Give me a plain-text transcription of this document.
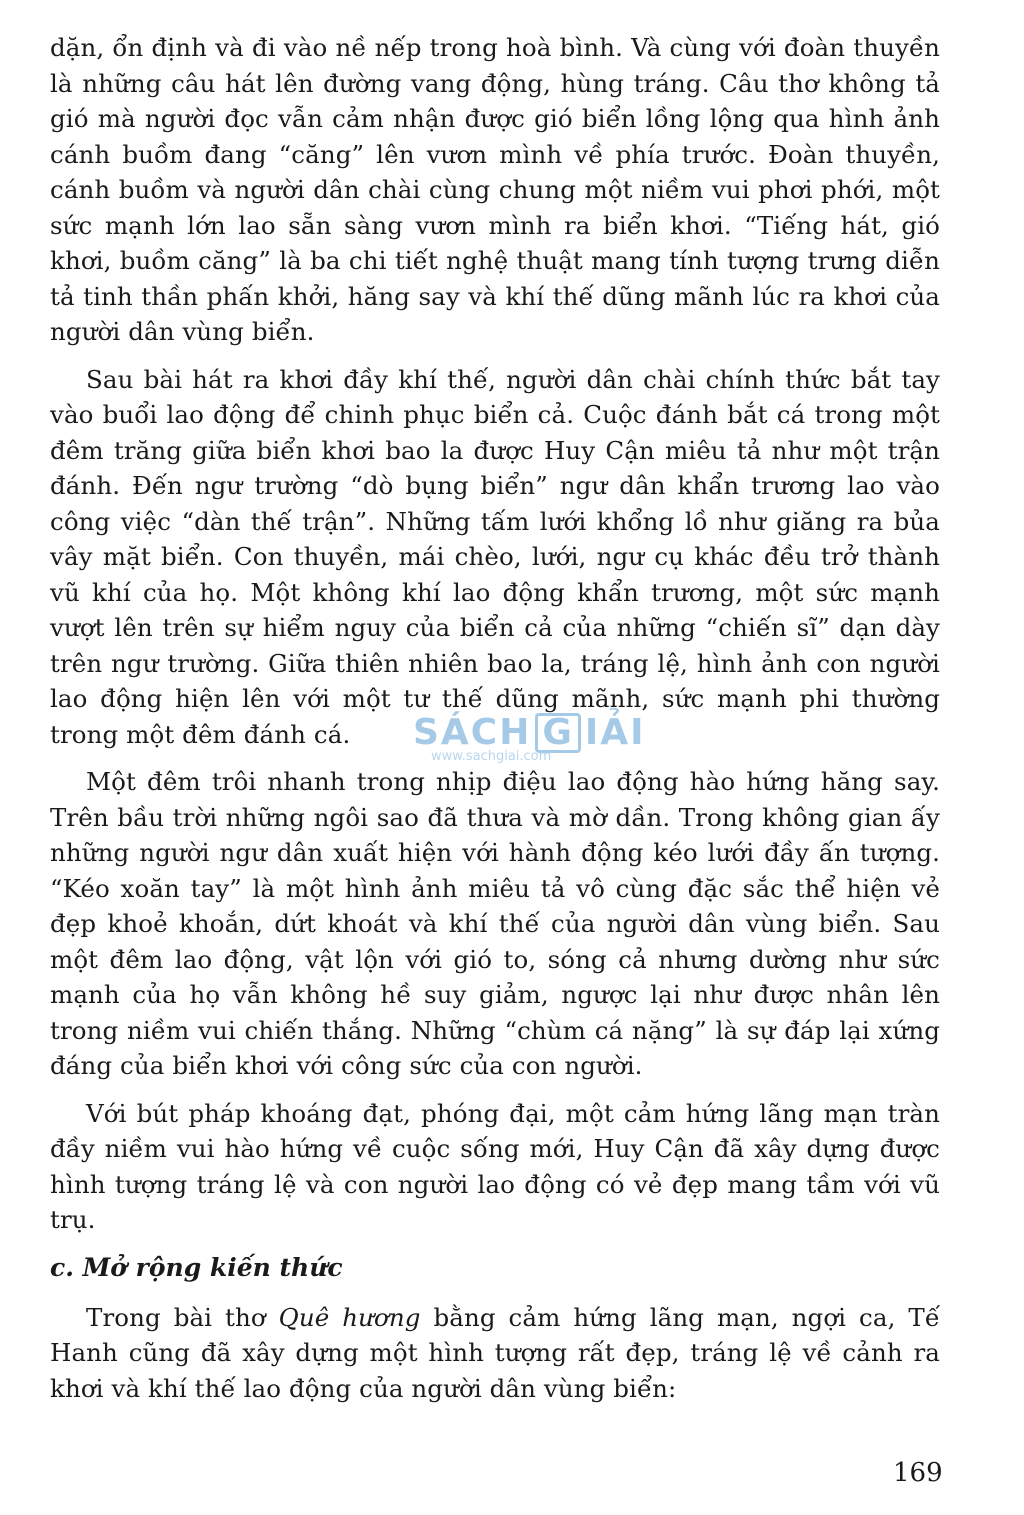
dặn, ổn định và đi vào nề nếp trong hoà bình. Và cùng với đoàn thuyền là những câu hát lên đường vang động, hùng tráng. Câu thơ không tả gió mà người đọc vẫn cảm nhận được gió biển lồng lộng qua hình ảnh cánh buồm đang “căng” lên vươn mình về phía trước. Đoàn thuyền, cánh buồm và người dân chài cùng chung một niềm vui phơi phới, một sức mạnh lớn lao sẵn sàng vươn mình ra biển khơi. “Tiếng hát, gió khơi, buồm căng” là ba chi tiết nghệ thuật mang tính tượng trưng diễn tả tinh thần phấn khởi, hăng say và khí thế dũng mãnh lúc ra khơi của người dân vùng biển.

Sau bài hát ra khơi đầy khí thế, người dân chài chính thức bắt tay vào buổi lao động để chinh phục biển cả. Cuộc đánh bắt cá trong một đêm trăng giữa biển khơi bao la được Huy Cận miêu tả như một trận đánh. Đến ngư trường “dò bụng biển” ngư dân khẩn trương lao vào công việc “dàn thế trận”. Những tấm lưới khổng lồ như giăng ra bủa vây mặt biển. Con thuyền, mái chèo, lưới, ngư cụ khác đều trở thành vũ khí của họ. Một không khí lao động khẩn trương, một sức mạnh vượt lên trên sự hiểm nguy của biển cả của những “chiến sĩ” dạn dày trên ngư trường. Giữa thiên nhiên bao la, tráng lệ, hình ảnh con người lao động hiện lên với một tư thế dũng mãnh, sức mạnh phi thường trong một đêm đánh cá.

Một đêm trôi nhanh trong nhịp điệu lao động hào hứng hăng say. Trên bầu trời những ngôi sao đã thưa và mờ dần. Trong không gian ấy những người ngư dân xuất hiện với hành động kéo lưới đầy ấn tượng. “Kéo xoăn tay” là một hình ảnh miêu tả vô cùng đặc sắc thể hiện vẻ đẹp khoẻ khoắn, dứt khoát và khí thế của người dân vùng biển. Sau một đêm lao động, vật lộn với gió to, sóng cả nhưng dường như sức mạnh của họ vẫn không hề suy giảm, ngược lại như được nhân lên trong niềm vui chiến thắng. Những “chùm cá nặng” là sự đáp lại xứng đáng của biển khơi với công sức của con người.

Với bút pháp khoáng đạt, phóng đại, một cảm hứng lãng mạn tràn đầy niềm vui hào hứng về cuộc sống mới, Huy Cận đã xây dựng được hình tượng tráng lệ và con người lao động có vẻ đẹp mang tầm với vũ trụ.

c. Mở rộng kiến thức

Trong bài thơ Quê hương bằng cảm hứng lãng mạn, ngợi ca, Tế Hanh cũng đã xây dựng một hình tượng rất đẹp, tráng lệ về cảnh ra khơi và khí thế lao động của người dân vùng biển:

SÁCH G IẢI
www.sachgiai.com
169
